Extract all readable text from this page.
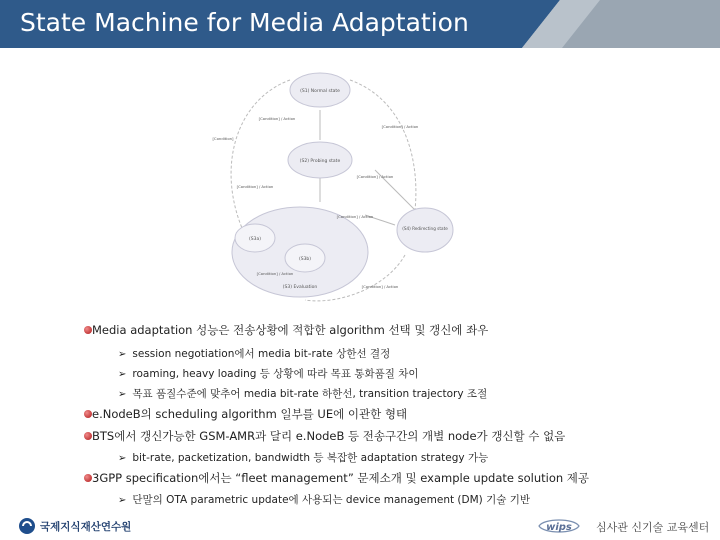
State Machine for Media Adaptation
(S1) Normal state
(S2) Probing state
(S4) Redirecting state
(S3a)
(S3b)
(S3) Evaluation
[Condition] / Action
[Condition] / Action
[Condition]
[Condition] / Action
[Condition] / Action
[Condition] / Action
[Condition] / Action
[Condition] / Action
Media adaptation 성능은 전송상황에 적합한 algorithm 선택 및 갱신에 좌우
➢ session negotiation에서 media bit-rate 상한선 결정
➢ roaming, heavy loading 등 상황에 따라 목표 통화품질 차이
➢ 목표 품질수준에 맞추어 media bit-rate 하한선, transition trajectory 조절
e.NodeB의 scheduling algorithm 일부를 UE에 이관한 형태
BTS에서 갱신가능한 GSM-AMR과 달리 e.NodeB 등 전송구간의 개별 node가 갱신할 수 없음
➢ bit-rate, packetization, bandwidth 등 복잡한 adaptation strategy 가능
3GPP specification에서는 “fleet management” 문제소개 및 example update solution 제공
➢ 단말의 OTA parametric update에 사용되는 device management (DM) 기술 기반
국제지식재산연수원	wips 심사관 신기술 교육센터
